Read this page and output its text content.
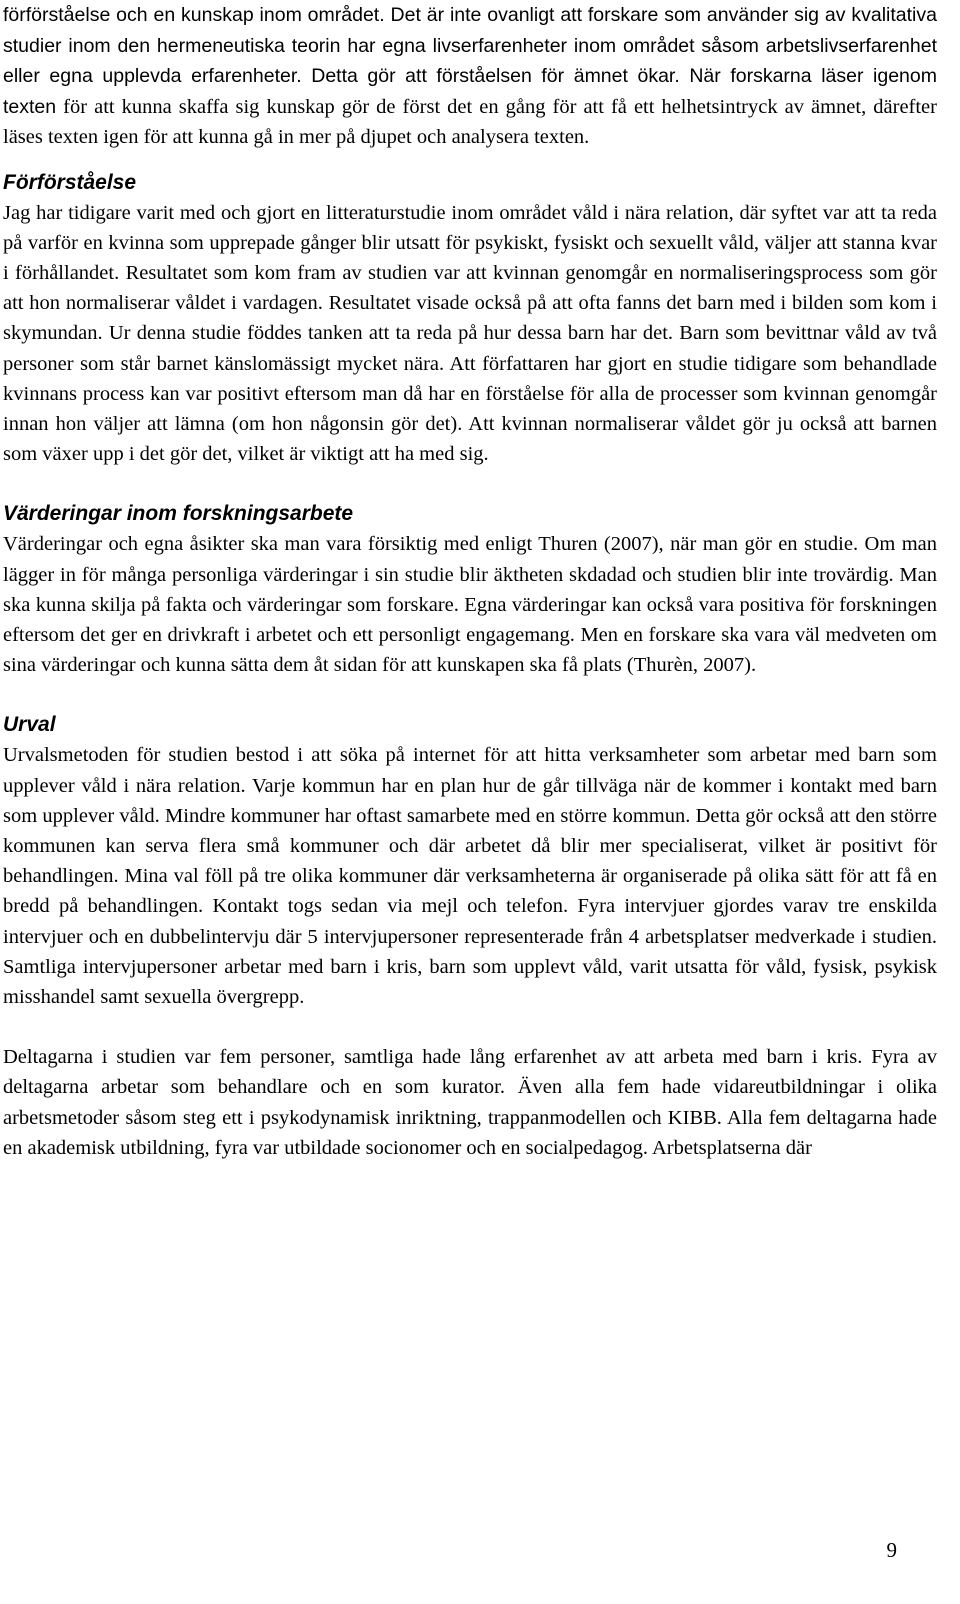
förförståelse och en kunskap inom området. Det är inte ovanligt att forskare som använder sig av kvalitativa studier inom den hermeneutiska teorin har egna livserfarenheter inom området såsom arbetslivserfarenhet eller egna upplevda erfarenheter. Detta gör att förståelsen för ämnet ökar. När forskarna läser igenom texten för att kunna skaffa sig kunskap gör de först det en gång för att få ett helhetsintryck av ämnet, därefter läses texten igen för att kunna gå in mer på djupet och analysera texten.

Förförståelse

Jag har tidigare varit med och gjort en litteraturstudie inom området våld i nära relation, där syftet var att ta reda på varför en kvinna som upprepade gånger blir utsatt för psykiskt, fysiskt och sexuellt våld, väljer att stanna kvar i förhållandet. Resultatet som kom fram av studien var att kvinnan genomgår en normaliseringsprocess som gör att hon normaliserar våldet i vardagen. Resultatet visade också på att ofta fanns det barn med i bilden som kom i skymundan. Ur denna studie föddes tanken att ta reda på hur dessa barn har det. Barn som bevittnar våld av två personer som står barnet känslomässigt mycket nära. Att författaren har gjort en studie tidigare som behandlade kvinnans process kan var positivt eftersom man då har en förståelse för alla de processer som kvinnan genomgår innan hon väljer att lämna (om hon någonsin gör det). Att kvinnan normaliserar våldet gör ju också att barnen som växer upp i det gör det, vilket är viktigt att ha med sig.

Värderingar inom forskningsarbete

Värderingar och egna åsikter ska man vara försiktig med enligt Thuren (2007), när man gör en studie. Om man lägger in för många personliga värderingar i sin studie blir äktheten skdadad och studien blir inte trovärdig. Man ska kunna skilja på fakta och värderingar som forskare. Egna värderingar kan också vara positiva för forskningen eftersom det ger en drivkraft i arbetet och ett personligt engagemang. Men en forskare ska vara väl medveten om sina värderingar och kunna sätta dem åt sidan för att kunskapen ska få plats (Thurèn, 2007).

Urval

Urvalsmetoden för studien bestod i att söka på internet för att hitta verksamheter som arbetar med barn som upplever våld i nära relation. Varje kommun har en plan hur de går tillväga när de kommer i kontakt med barn som upplever våld. Mindre kommuner har oftast samarbete med en större kommun. Detta gör också att den större kommunen kan serva flera små kommuner och där arbetet då blir mer specialiserat, vilket är positivt för behandlingen. Mina val föll på tre olika kommuner där verksamheterna är organiserade på olika sätt för att få en bredd på behandlingen. Kontakt togs sedan via mejl och telefon. Fyra intervjuer gjordes varav tre enskilda intervjuer och en dubbelintervju där 5 intervjupersoner representerade från 4 arbetsplatser medverkade i studien. Samtliga intervjupersoner arbetar med barn i kris, barn som upplevt våld, varit utsatta för våld, fysisk, psykisk misshandel samt sexuella övergrepp.

Deltagarna i studien var fem personer, samtliga hade lång erfarenhet av att arbeta med barn i kris. Fyra av deltagarna arbetar som behandlare och en som kurator. Även alla fem hade vidareutbildningar i olika arbetsmetoder såsom steg ett i psykodynamisk inriktning, trappanmodellen och KIBB. Alla fem deltagarna hade en akademisk utbildning, fyra var utbildade socionomer och en socialpedagog. Arbetsplatserna där

9
